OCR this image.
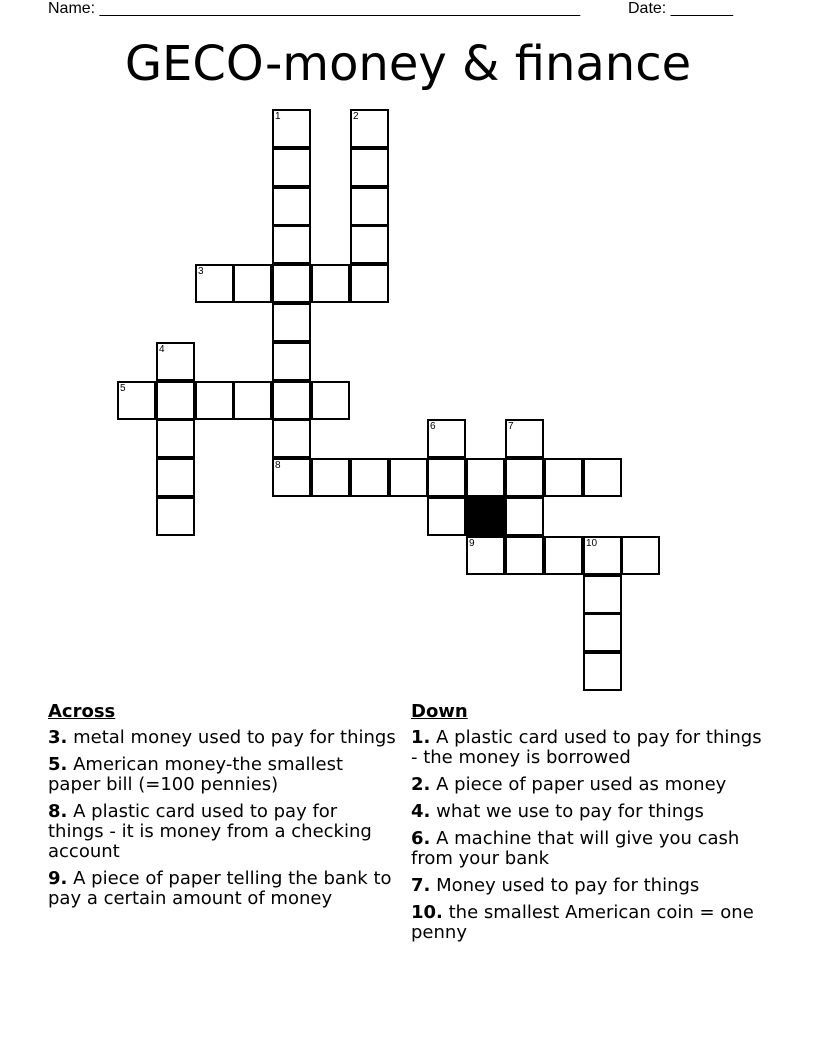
Name: ______________________________________________________	Date: _______
GECO-money & finance
1	2
3
4
5
6	7
8
9	10
Across
3. metal money used to pay for things
5. American money-the smallest paper bill (=100 pennies)
8. A plastic card used to pay for things - it is money from a checking account
9. A piece of paper telling the bank to pay a certain amount of money
Down
1. A plastic card used to pay for things - the money is borrowed
2. A piece of paper used as money
4. what we use to pay for things
6. A machine that will give you cash from your bank
7. Money used to pay for things
10. the smallest American coin = one penny
